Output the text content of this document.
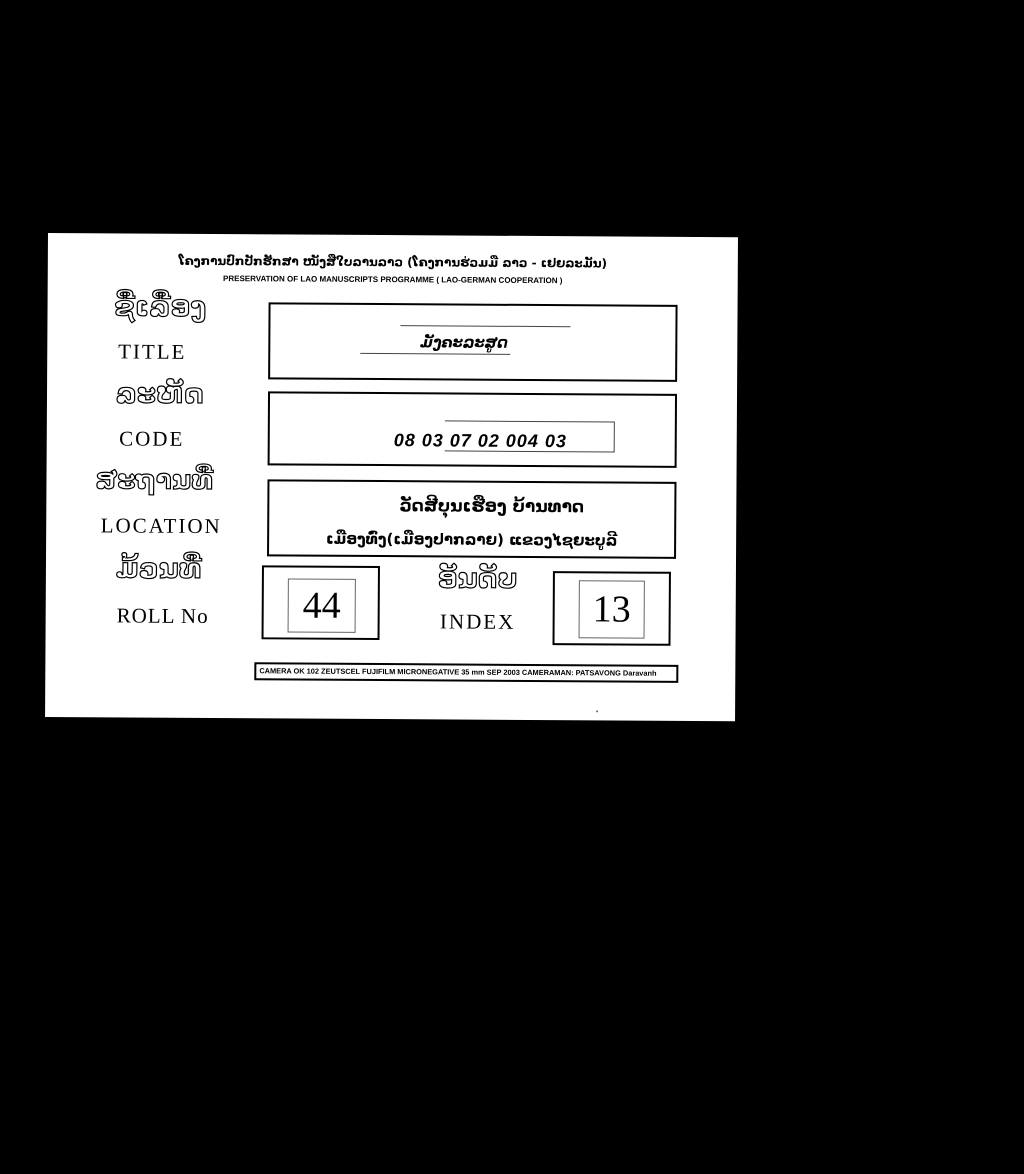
ໂຄງການປົກປັກຮັກສາ ໜັງສືໃບລານລາວ (ໂຄງການຮ່ວມມື ລາວ - ເຢຍລະມັນ)
PRESERVATION OF LAO MANUSCRIPTS PROGRAMME ( LAO-GERMAN COOPERATION )
ຊື່ເລື່ອງ
TITLE	ມັງຄະລະສູດ
ລະຫັດ
CODE	08 03 07 02 004 03
ສະຖານທີ່
LOCATION
ວັດສີບຸນເຮືອງ ບ້ານທາດ
ເມືອງທົ່ງ(ເມືອງປາກລາຍ) ແຂວງໄຊຍະບູລີ
ມ້ວນທີ່
ROLL No	44
ອັນດັບ
INDEX	13
CAMERA OK 102 ZEUTSCEL FUJIFILM MICRONEGATIVE 35 mm SEP 2003 CAMERAMAN: PATSAVONG Daravanh
